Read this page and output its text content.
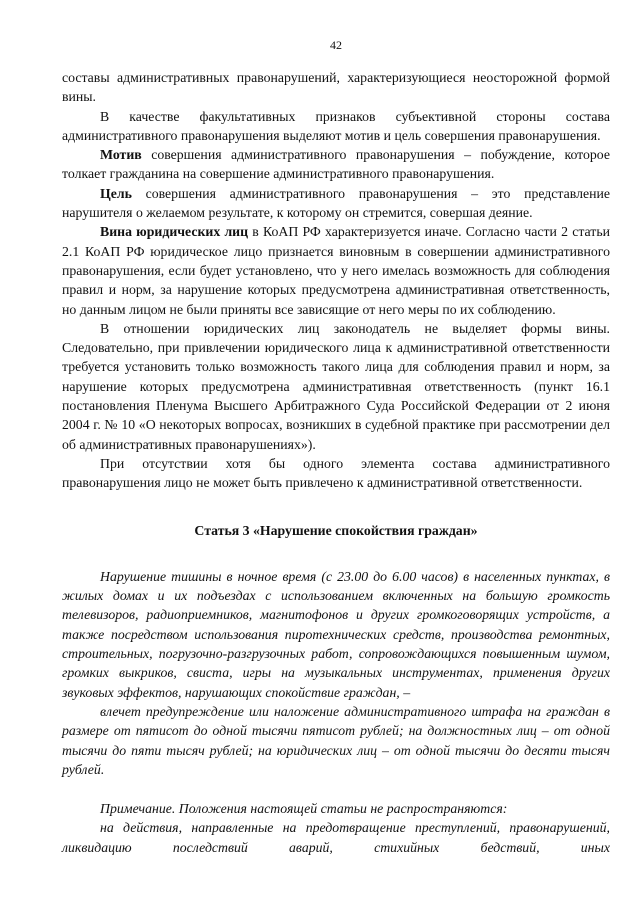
42

составы административных правонарушений, характеризующиеся неосторожной формой вины.

В качестве факультативных признаков субъективной стороны состава административного правонарушения выделяют мотив и цель совершения правонарушения.

Мотив совершения административного правонарушения – побуждение, которое толкает гражданина на совершение административного правонарушения.

Цель совершения административного правонарушения – это представление нарушителя о желаемом результате, к которому он стремится, совершая деяние.

Вина юридических лиц в КоАП РФ характеризуется иначе. Согласно части 2 статьи 2.1 КоАП РФ юридическое лицо признается виновным в совершении административного правонарушения, если будет установлено, что у него имелась возможность для соблюдения правил и норм, за нарушение которых предусмотрена административная ответственность, но данным лицом не были приняты все зависящие от него меры по их соблюдению.

В отношении юридических лиц законодатель не выделяет формы вины. Следовательно, при привлечении юридического лица к административной ответственности требуется установить только возможность такого лица для соблюдения правил и норм, за нарушение которых предусмотрена административная ответственность (пункт 16.1 постановления Пленума Высшего Арбитражного Суда Российской Федерации от 2 июня 2004 г. № 10 «О некоторых вопросах, возникших в судебной практике при рассмотрении дел об административных правонарушениях»).

При отсутствии хотя бы одного элемента состава административного правонарушения лицо не может быть привлечено к административной ответственности.

Статья 3 «Нарушение спокойствия граждан»

Нарушение тишины в ночное время (с 23.00 до 6.00 часов) в населенных пунктах, в жилых домах и их подъездах с использованием включенных на большую громкость телевизоров, радиоприемников, магнитофонов и других громкоговорящих устройств, а также посредством использования пиротехнических средств, производства ремонтных, строительных, погрузочно-разгрузочных работ, сопровождающихся повышенным шумом, громких выкриков, свиста, игры на музыкальных инструментах, применения других звуковых эффектов, нарушающих спокойствие граждан, –

влечет предупреждение или наложение административного штрафа на граждан в размере от пятисот до одной тысячи пятисот рублей; на должностных лиц – от одной тысячи до пяти тысяч рублей; на юридических лиц – от одной тысячи до десяти тысяч рублей.

Примечание. Положения настоящей статьи не распространяются:

на действия, направленные на предотвращение преступлений, правонарушений, ликвидацию последствий аварий, стихийных бедствий, иных
